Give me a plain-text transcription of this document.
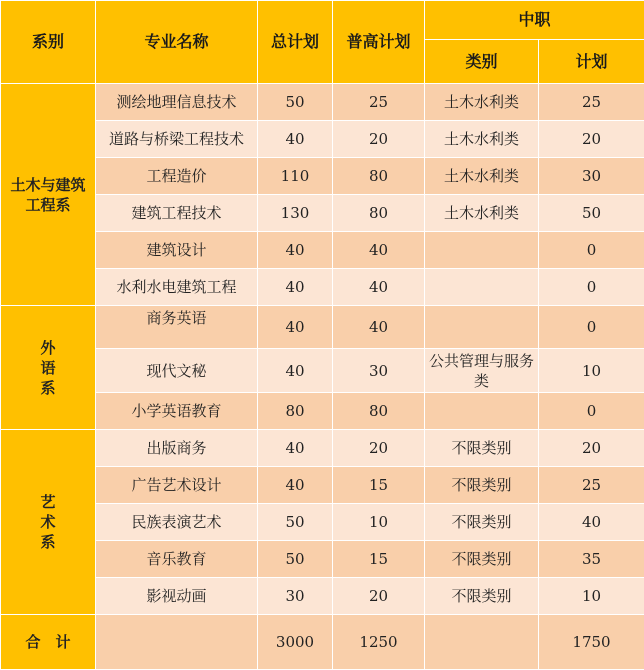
系别	专业名称	总计划	普高计划	中职	
				类别	计划
土木与建筑工程系	测绘地理信息技术	50	25	土木水利类	25
	道路与桥梁工程技术	40	20	土木水利类	20
	工程造价	110	80	土木水利类	30
	建筑工程技术	130	80	土木水利类	50
	建筑设计	40	40		0
	水利水电建筑工程	40	40		0

外语系	商务英语	40	40		0
	现代文秘	40	30	公共管理与服务类	10
	小学英语教育	80	80		0

艺术系	出版商务	40	20	不限类别	20
	广告艺术设计	40	15	不限类别	25
	民族表演艺术	50	10	不限类别	40
	音乐教育	50	15	不限类别	35
	影视动画	30	20	不限类别	10
合　计		3000	1250		1750
